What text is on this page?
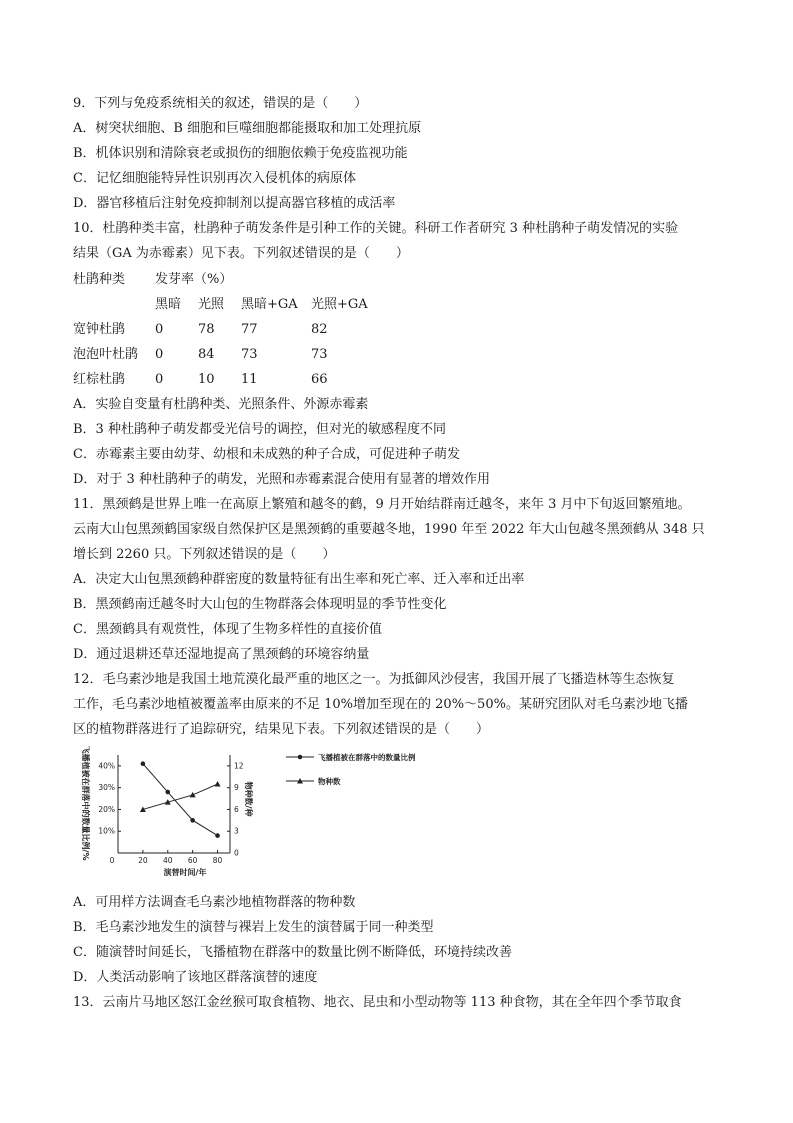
9．下列与免疫系统相关的叙述，错误的是（　　）
A．树突状细胞、B 细胞和巨噬细胞都能摄取和加工处理抗原
B．机体识别和清除衰老或损伤的细胞依赖于免疫监视功能
C．记忆细胞能特异性识别再次入侵机体的病原体
D．器官移植后注射免疫抑制剂以提高器官移植的成活率
10．杜鹃种类丰富，杜鹃种子萌发条件是引种工作的关键。科研工作者研究 3 种杜鹃种子萌发情况的实验
结果（GA 为赤霉素）见下表。下列叙述错误的是（　　）
杜鹃种类 发芽率（%）
黑暗 光照 黑暗+GA 光照+GA
宽钟杜鹃 0	78 77	82
泡泡叶杜鹃 0	84 73	73
红棕杜鹃 0	10 11	66
A．实验自变量有杜鹃种类、光照条件、外源赤霉素
B．3 种杜鹃种子萌发都受光信号的调控，但对光的敏感程度不同
C．赤霉素主要由幼芽、幼根和未成熟的种子合成，可促进种子萌发
D．对于 3 种杜鹃种子的萌发，光照和赤霉素混合使用有显著的增效作用
11．黑颈鹤是世界上唯一在高原上繁殖和越冬的鹤，9 月开始结群南迁越冬，来年 3 月中下旬返回繁殖地。
云南大山包黑颈鹤国家级自然保护区是黑颈鹤的重要越冬地，1990 年至 2022 年大山包越冬黑颈鹤从 348 只
增长到 2260 只。下列叙述错误的是（　　）
A．决定大山包黑颈鹤种群密度的数量特征有出生率和死亡率、迁入率和迁出率
B．黑颈鹤南迁越冬时大山包的生物群落会体现明显的季节性变化
C．黑颈鹤具有观赏性，体现了生物多样性的直接价值
D．通过退耕还草还湿地提高了黑颈鹤的环境容纳量
12．毛乌素沙地是我国土地荒漠化最严重的地区之一。为抵御风沙侵害，我国开展了飞播造林等生态恢复
工作，毛乌素沙地植被覆盖率由原来的不足 10%增加至现在的 20%～50%。某研究团队对毛乌素沙地飞播
区的植物群落进行了追踪研究，结果见下表。下列叙述错误的是（　　）
0	20 40 60 80
10%
20%
30%
40%
0
3
6
9
12
飞播植被在群落中的数量比例/%	物种数/种
演替时间/年
飞播植被在群落中的数量比例
物种数
A．可用样方法调查毛乌素沙地植物群落的物种数
B．毛乌素沙地发生的演替与裸岩上发生的演替属于同一种类型
C．随演替时间延长，飞播植物在群落中的数量比例不断降低，环境持续改善
D．人类活动影响了该地区群落演替的速度
13．云南片马地区怒江金丝猴可取食植物、地衣、昆虫和小型动物等 113 种食物，其在全年四个季节取食
